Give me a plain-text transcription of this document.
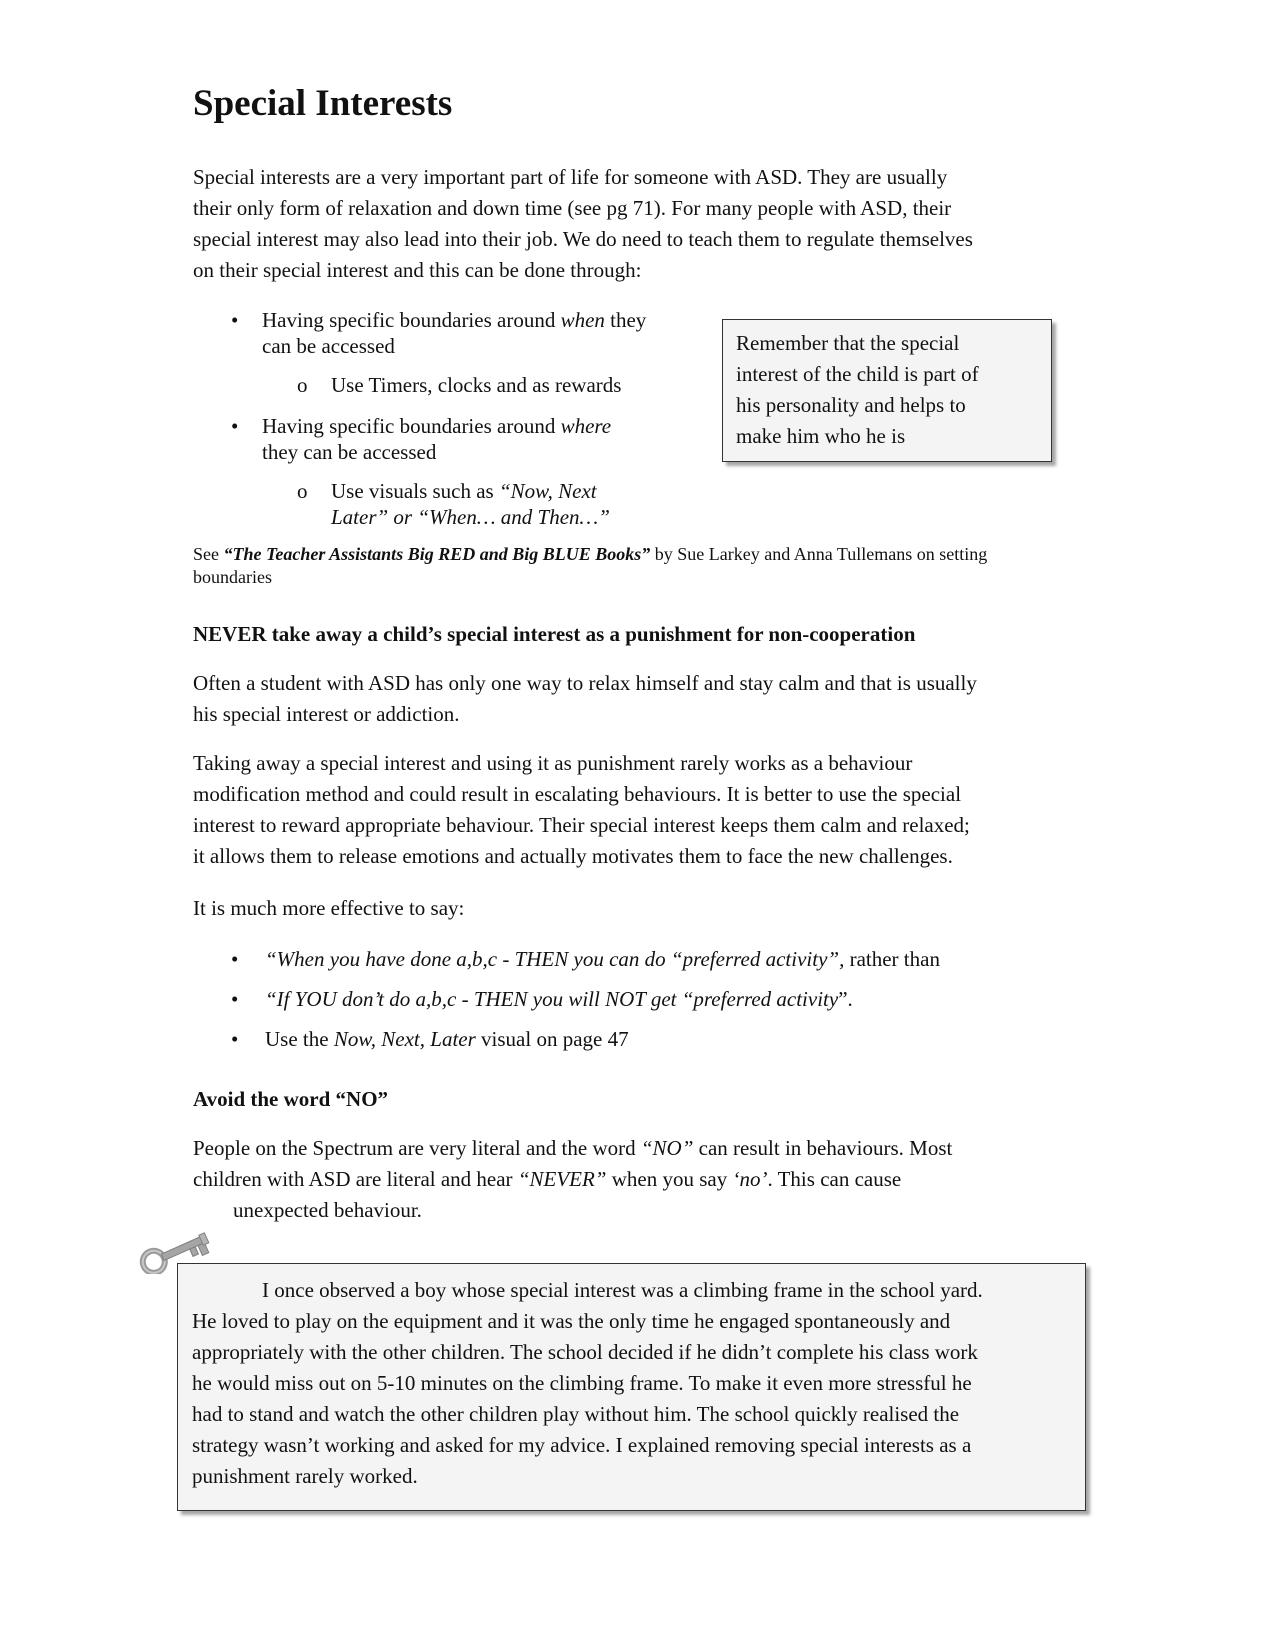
Special Interests
Special interests are a very important part of life for someone with ASD. They are usually
their only form of relaxation and down time (see pg 71). For many people with ASD, their
special interest may also lead into their job. We do need to teach them to regulate themselves
on their special interest and this can be done through:
• Having specific boundaries around when they
can be accessed
o Use Timers, clocks and as rewards
• Having specific boundaries around where
they can be accessed
o Use visuals such as “Now, Next
Later” or “When… and Then…”
Remember that the special
interest of the child is part of
his personality and helps to
make him who he is
See “The Teacher Assistants Big RED and Big BLUE Books” by Sue Larkey and Anna Tullemans on setting
boundaries
NEVER take away a child’s special interest as a punishment for non-cooperation
Often a student with ASD has only one way to relax himself and stay calm and that is usually
his special interest or addiction.
Taking away a special interest and using it as punishment rarely works as a behaviour
modification method and could result in escalating behaviours. It is better to use the special
interest to reward appropriate behaviour. Their special interest keeps them calm and relaxed;
it allows them to release emotions and actually motivates them to face the new challenges.
It is much more effective to say:
• “When you have done a,b,c - THEN you can do “preferred activity”, rather than
• “If YOU don’t do a,b,c - THEN you will NOT get “preferred activity”.
• Use the Now, Next, Later visual on page 47
Avoid the word “NO”
People on the Spectrum are very literal and the word “NO” can result in behaviours. Most
children with ASD are literal and hear “NEVER” when you say ‘no’. This can cause
unexpected behaviour.
I once observed a boy whose special interest was a climbing frame in the school yard.
He loved to play on the equipment and it was the only time he engaged spontaneously and
appropriately with the other children. The school decided if he didn’t complete his class work
he would miss out on 5-10 minutes on the climbing frame. To make it even more stressful he
had to stand and watch the other children play without him. The school quickly realised the
strategy wasn’t working and asked for my advice. I explained removing special interests as a
punishment rarely worked.
